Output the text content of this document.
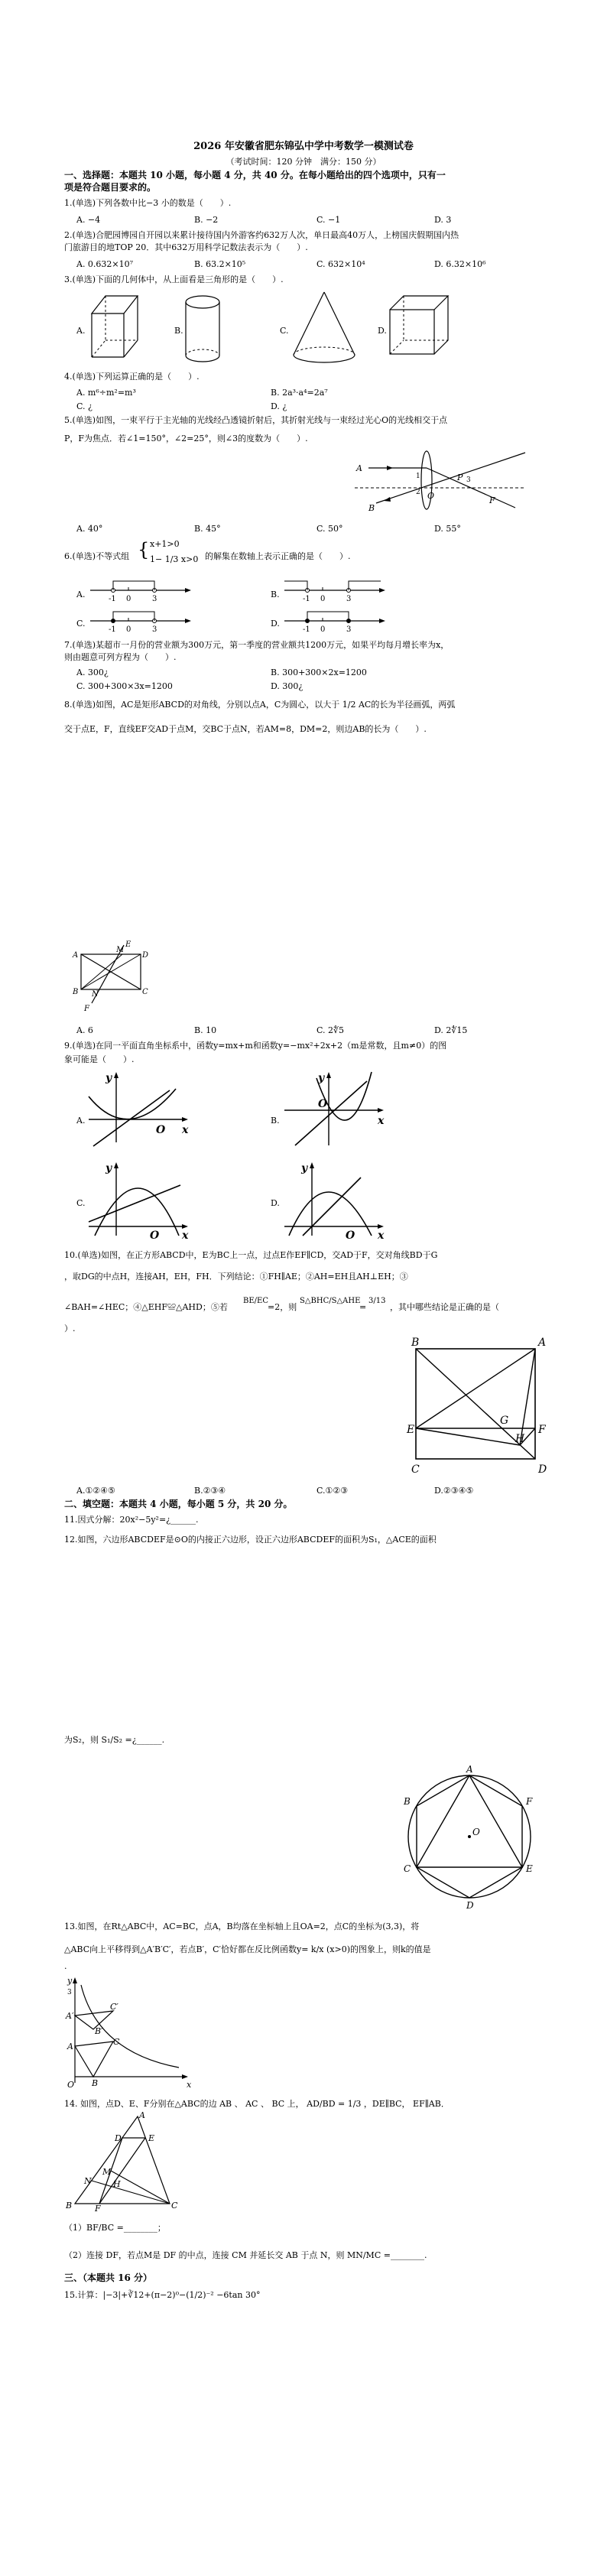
2026 年安徽省肥东锦弘中学中考数学一模测试卷
（考试时间：120 分钟　满分：150 分）
一、选择题：本题共 10 小题，每小题 4 分，共 40 分。在每小题给出的四个选项中，只有一
项是符合题目要求的。
1.(单选)下列各数中比−3 小的数是（　　）.
A. −4	B. −2	C. −1	D. 3
2.(单选)合肥园博园自开园以来累计接待国内外游客约632万人次，单日最高40万人，上榜国庆假期国内热
门旅游目的地TOP 20．其中632万用科学记数法表示为（　　）.
A. 0.632×10⁷	B. 63.2×10⁵	C. 632×10⁴	D. 6.32×10⁶
3.(单选)下面的几何体中，从上面看是三角形的是（　　）.
A.	B.	C.	D.
4.(单选)下列运算正确的是（　　）.
A. m⁶÷m²=m³	B. 2a³·a⁴=2a⁷
C. ¿	D. ¿
5.(单选)如图，一束平行于主光轴的光线经凸透镜折射后，其折射光线与一束经过光心O的光线相交于点
P，F为焦点．若∠1=150°，∠2=25°，则∠3的度数为（　　）.
A
B
1
2
3
O
P
F
A. 40°	B. 45°	C. 50°	D. 55°
6.(单选)不等式组 { x+1>0
1− 1/3 x>0 的解集在数轴上表示正确的是（　　）.
A.	-1 0	3	B.	-1 0	3
C.
-1 0	3
D.
-1 0	3
7.(单选)某超市一月份的营业额为300万元，第一季度的营业额共1200万元，如果平均每月增长率为x，
则由题意可列方程为（　　）.
A. 300¿	B. 300+300×2x=1200
C. 300+300×3x=1200	D. 300¿
8.(单选)如图，AC是矩形ABCD的对角线，分别以点A，C为圆心，以大于 1/2 AC的长为半径画弧，两弧
交于点E，F，直线EF交AD于点M，交BC于点N，若AM=8，DM=2，则边AB的长为（　　）.
A
B	C
D
E
F
M
N
A. 6	B. 10	C. 2∜5	D. 2∜15
9.(单选)在同一平面直角坐标系中，函数y=mx+m和函数y=−mx²+2x+2（m是常数，且m≠0）的图
象可能是（　　）.
A.
y
x
O
B.
y
x
O
C.
y
x
O
D.
y
x
O
10.(单选)如图，在正方形ABCD中，E为BC上一点，过点E作EF∥CD，交AD于F，交对角线BD于G
，取DG的中点H，连接AH，EH，FH．下列结论：①FH∥AE；②AH=EH且AH⊥EH；③
∠BAH=∠HEC；④△EHF≌△AHD；⑤若
BE/EC
=2，则
S△BHC/S△AHE
=
3/13
，其中哪些结论是正确的是（
）.
B	A
E	F
C	D
G
H
A.①②④⑤	B.②③④	C.①②③	D.②③④⑤
二、填空题：本题共 4 小题，每小题 5 分，共 20 分。
11.因式分解：20x²−5y²=¿______.
12.如图，六边形ABCDEF是⊙O的内接正六边形，设正六边形ABCDEF的面积为S₁，△ACE的面积
为S₂，则 S₁/S₂ =¿______.
O
A
B
C
D
E
F
13.如图，在Rt△ABC中，AC=BC，点A，B均落在坐标轴上且OA=2，点C的坐标为(3,3)，将
△ABC向上平移得到△A′B′C′，若点B′，C′恰好都在反比例函数y= k/x (x>0)的图象上，则k的值是
.
y
x
O
A′
A
B′
B
C′
C
3
14. 如图，点D、E、F分别在△ABC的边 AB 、 AC 、 BC 上， AD/BD = 1/3 ，DE∥BC， EF∥AB．
A
B	C
D	E
F
M
N	H
（1）BF/BC =________；
（2）连接 DF，若点M是 DF 的中点，连接 CM 并延长交 AB 于点 N，则 MN/MC =________.
三、（本题共 16 分）
15.计算：|−3|+∛12+(π−2)⁰−(1/2)⁻² −6tan 30°
